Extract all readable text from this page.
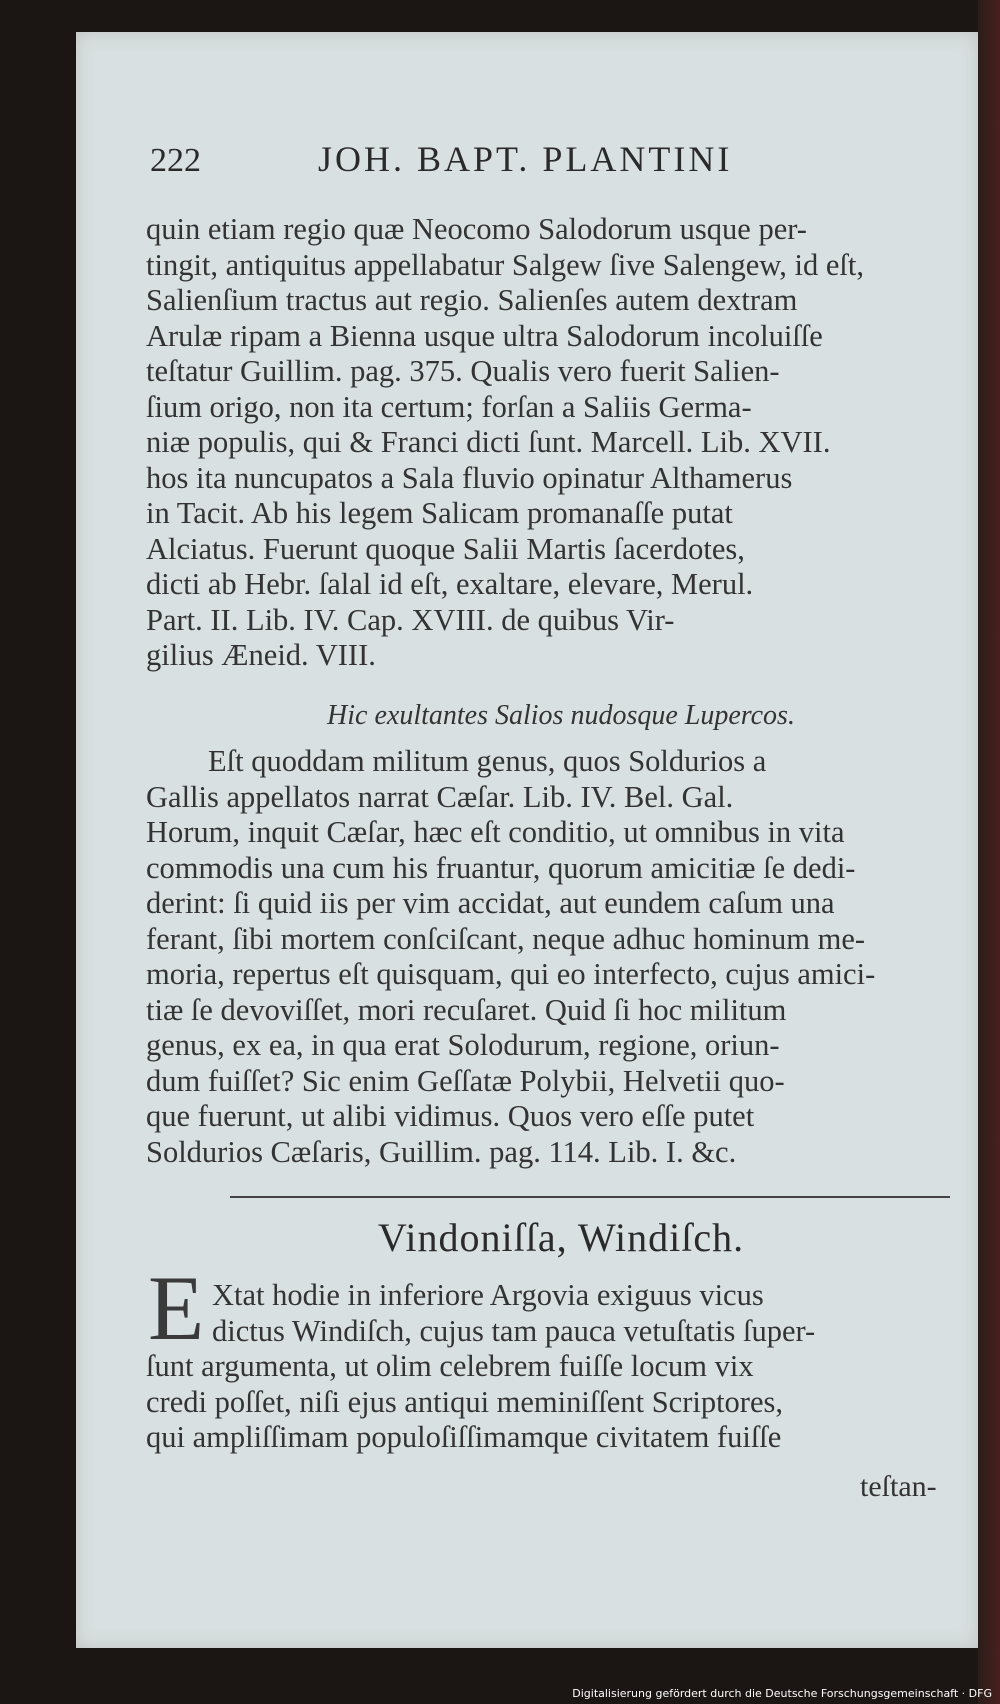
222	JOH. BAPT. PLANTINI
quin etiam regio quæ Neocomo Salodorum usque per-
tingit, antiquitus appellabatur Salgew ſive Salengew, id eſt,
Salienſium tractus aut regio. Salienſes autem dextram
Arulæ ripam a Bienna usque ultra Salodorum incoluiſſe
teſtatur Guillim. pag. 375. Qualis vero fuerit Salien-
ſium origo, non ita certum; forſan a Saliis Germa-
niæ populis, qui & Franci dicti ſunt. Marcell. Lib. XVII.
hos ita nuncupatos a Sala fluvio opinatur Althamerus
in Tacit. Ab his legem Salicam promanaſſe putat
Alciatus. Fuerunt quoque Salii Martis ſacerdotes,
dicti ab Hebr. ſalal id eſt, exaltare, elevare, Merul.
Part. II. Lib. IV. Cap. XVIII. de quibus Vir-
gilius Æneid. VIII.
Hic exultantes Salios nudosque Lupercos.
Eſt quoddam militum genus, quos Soldurios a
Gallis appellatos narrat Cæſar. Lib. IV. Bel. Gal.
Horum, inquit Cæſar, hæc eſt conditio, ut omnibus in vita
commodis una cum his fruantur, quorum amicitiæ ſe dedi-
derint: ſi quid iis per vim accidat, aut eundem caſum una
ferant, ſibi mortem conſciſcant, neque adhuc hominum me-
moria, repertus eſt quisquam, qui eo interfecto, cujus amici-
tiæ ſe devoviſſet, mori recuſaret. Quid ſi hoc militum
genus, ex ea, in qua erat Solodurum, regione, oriun-
dum fuiſſet? Sic enim Geſſatæ Polybii, Helvetii quo-
que fuerunt, ut alibi vidimus. Quos vero eſſe putet
Soldurios Cæſaris, Guillim. pag. 114. Lib. I. &c.
Vindoniſſa, Windiſch.
E Xtat hodie in inferiore Argovia exiguus vicus
dictus Windiſch, cujus tam pauca vetuſtatis ſuper-
ſunt argumenta, ut olim celebrem fuiſſe locum vix
credi poſſet, niſi ejus antiqui meminiſſent Scriptores,
qui ampliſſimam populoſiſſimamque civitatem fuiſſe
teſtan-
Digitalisierung gefördert durch die Deutsche Forschungsgemeinschaft · DFG
